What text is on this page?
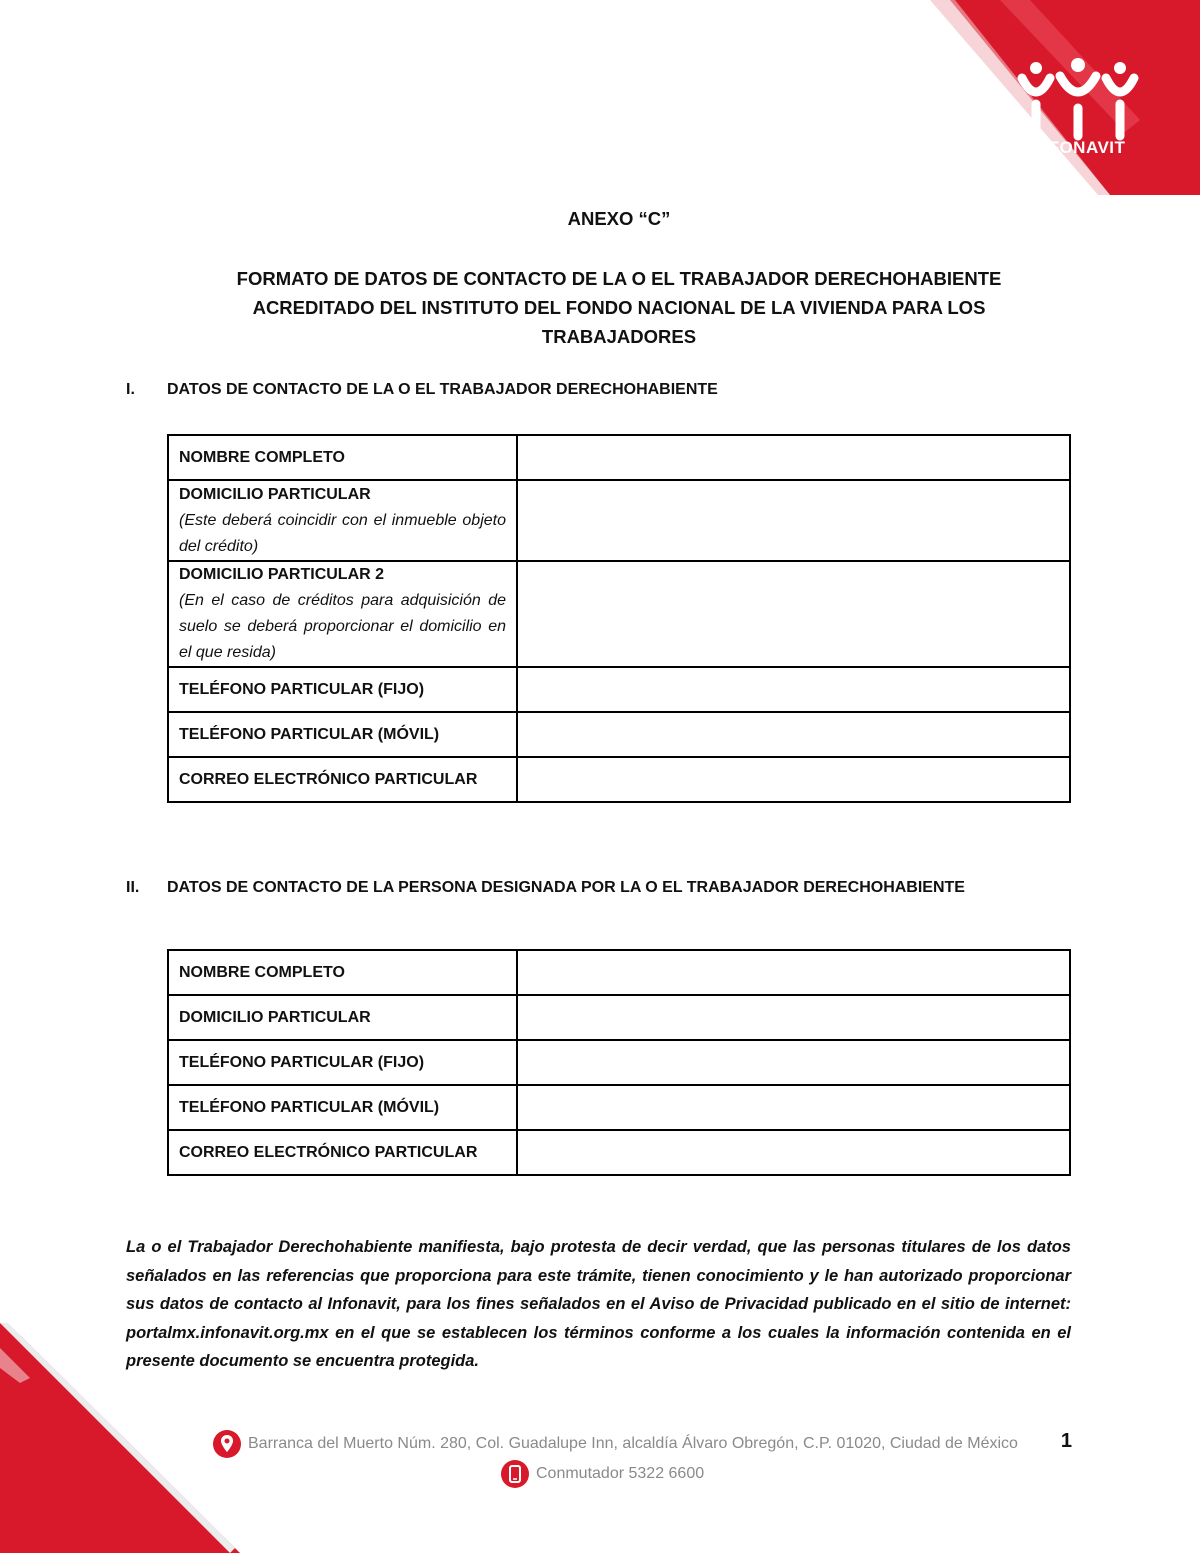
INFONAVIT
ANEXO “C”
FORMATO DE DATOS DE CONTACTO DE LA O EL TRABAJADOR DERECHOHABIENTE
ACREDITADO DEL INSTITUTO DEL FONDO NACIONAL DE LA VIVIENDA PARA LOS
TRABAJADORES
I. DATOS DE CONTACTO DE LA O EL TRABAJADOR DERECHOHABIENTE
NOMBRE COMPLETO	

DOMICILIO PARTICULAR
(Este deberá coincidir con el inmueble objeto del crédito)	

DOMICILIO PARTICULAR 2
(En el caso de créditos para adquisición de suelo se deberá proporcionar el domicilio en el que resida)	

TELÉFONO PARTICULAR (FIJO)	

TELÉFONO PARTICULAR (MÓVIL)	

CORREO ELECTRÓNICO PARTICULAR	

II. DATOS DE CONTACTO DE LA PERSONA DESIGNADA POR LA O EL TRABAJADOR DERECHOHABIENTE
NOMBRE COMPLETO	

DOMICILIO PARTICULAR	

TELÉFONO PARTICULAR (FIJO)	

TELÉFONO PARTICULAR (MÓVIL)	

CORREO ELECTRÓNICO PARTICULAR	

La o el Trabajador Derechohabiente manifiesta, bajo protesta de decir verdad, que las personas titulares de los datos señalados en las referencias que proporciona para este trámite, tienen conocimiento y le han autorizado proporcionar sus datos de contacto al Infonavit, para los fines señalados en el Aviso de Privacidad publicado en el sitio de internet: portalmx.infonavit.org.mx en el que se establecen los términos conforme a los cuales la información contenida en el presente documento se encuentra protegida.
Barranca del Muerto Núm. 280, Col. Guadalupe Inn, alcaldía Álvaro Obregón, C.P. 01020, Ciudad de México
Conmutador 5322 6600
1
